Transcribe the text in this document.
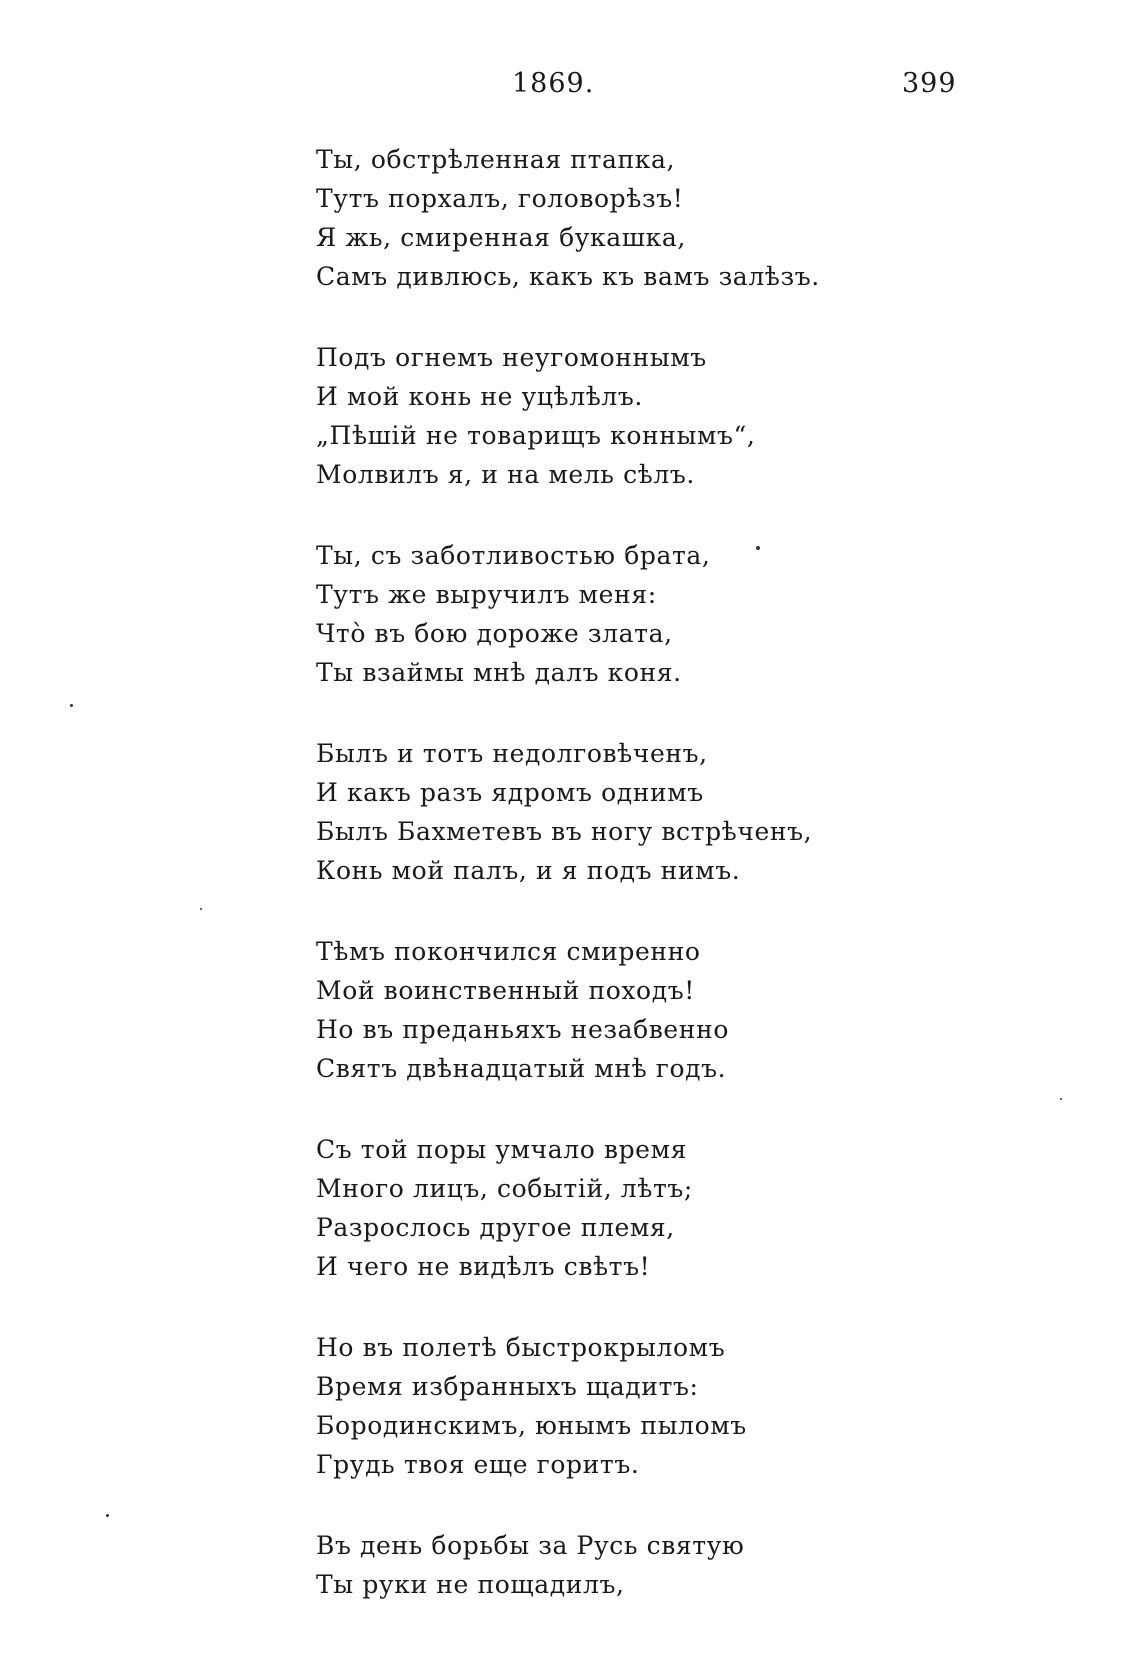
1869.	399
Ты, обстрѣленная птапка,
Тутъ порхалъ, головорѣзъ!
Я жь, смиренная букашка,
Самъ дивлюсь, какъ къ вамъ залѣзъ.
Подъ огнемъ неугомоннымъ
И мой конь не уцѣлѣлъ.
„Пѣшій не товарищъ коннымъ“,
Молвилъ я, и на мель сѣлъ.
Ты, съ заботливостью брата,
Тутъ же выручилъ меня:
Что̀ въ бою дороже злата,
Ты взаймы мнѣ далъ коня.
Былъ и тотъ недолговѣченъ,
И какъ разъ ядромъ однимъ
Былъ Бахметевъ въ ногу встрѣченъ,
Конь мой палъ, и я подъ нимъ.
Тѣмъ покончился смиренно
Мой воинственный походъ!
Но въ преданьяхъ незабвенно
Святъ двѣнадцатый мнѣ годъ.
Съ той поры умчало время
Много лицъ, событій, лѣтъ;
Разрослось другое племя,
И чего не видѣлъ свѣтъ!
Но въ полетѣ быстрокрыломъ
Время избранныхъ щадитъ:
Бородинскимъ, юнымъ пыломъ
Грудь твоя еще горитъ.
Въ день борьбы за Русь святую
Ты руки не пощадилъ,
